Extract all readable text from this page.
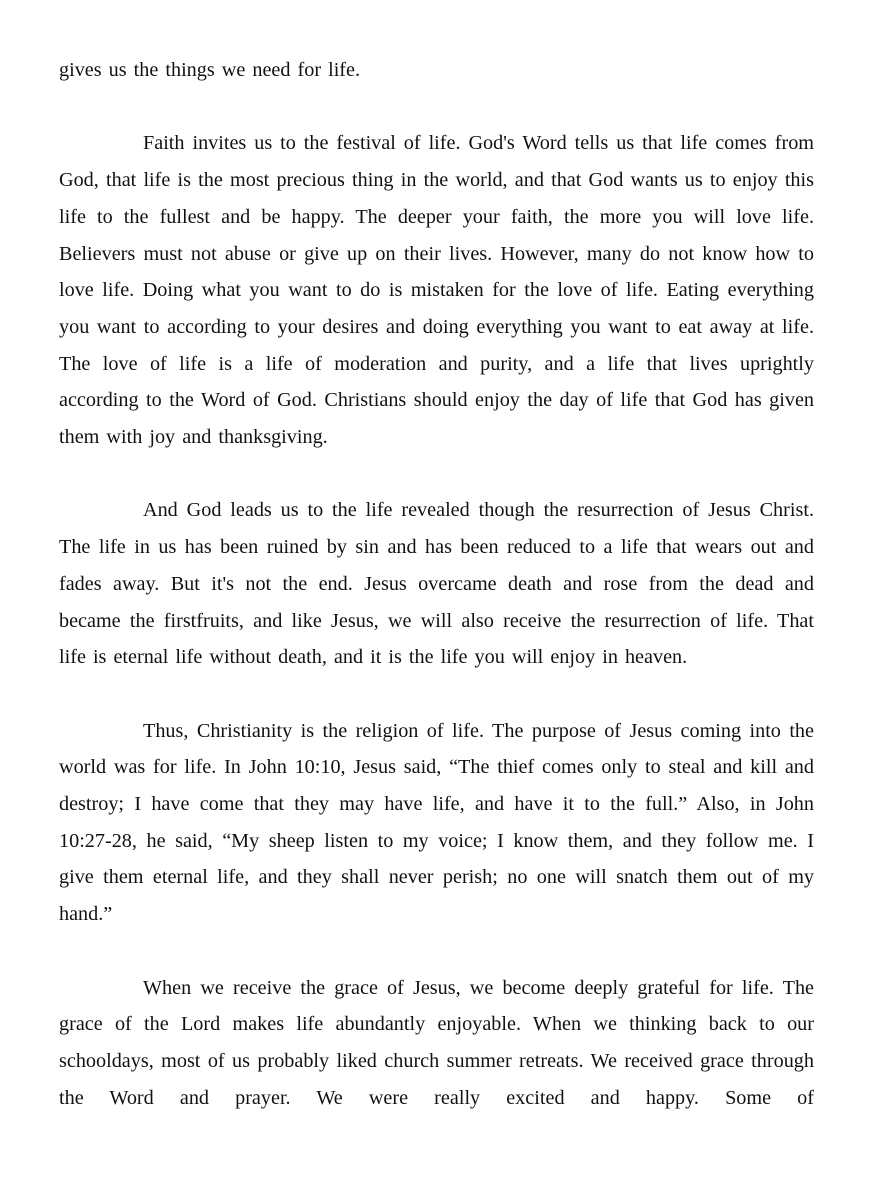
gives us the things we need for life.

Faith invites us to the festival of life. God's Word tells us that life comes from God, that life is the most precious thing in the world, and that God wants us to enjoy this life to the fullest and be happy. The deeper your faith, the more you will love life. Believers must not abuse or give up on their lives. However, many do not know how to love life. Doing what you want to do is mistaken for the love of life. Eating everything you want to according to your desires and doing everything you want to eat away at life. The love of life is a life of moderation and purity, and a life that lives uprightly according to the Word of God. Christians should enjoy the day of life that God has given them with joy and thanksgiving.

And God leads us to the life revealed though the resurrection of Jesus Christ. The life in us has been ruined by sin and has been reduced to a life that wears out and fades away. But it's not the end. Jesus overcame death and rose from the dead and became the firstfruits, and like Jesus, we will also receive the resurrection of life. That life is eternal life without death, and it is the life you will enjoy in heaven.

Thus, Christianity is the religion of life. The purpose of Jesus coming into the world was for life. In John 10:10, Jesus said, “The thief comes only to steal and kill and destroy; I have come that they may have life, and have it to the full.” Also, in John 10:27-28, he said, “My sheep listen to my voice; I know them, and they follow me. I give them eternal life, and they shall never perish; no one will snatch them out of my hand.”

When we receive the grace of Jesus, we become deeply grateful for life. The grace of the Lord makes life abundantly enjoyable. When we thinking back to our schooldays, most of us probably liked church summer retreats. We received grace through the Word and prayer. We were really excited and happy. Some of
